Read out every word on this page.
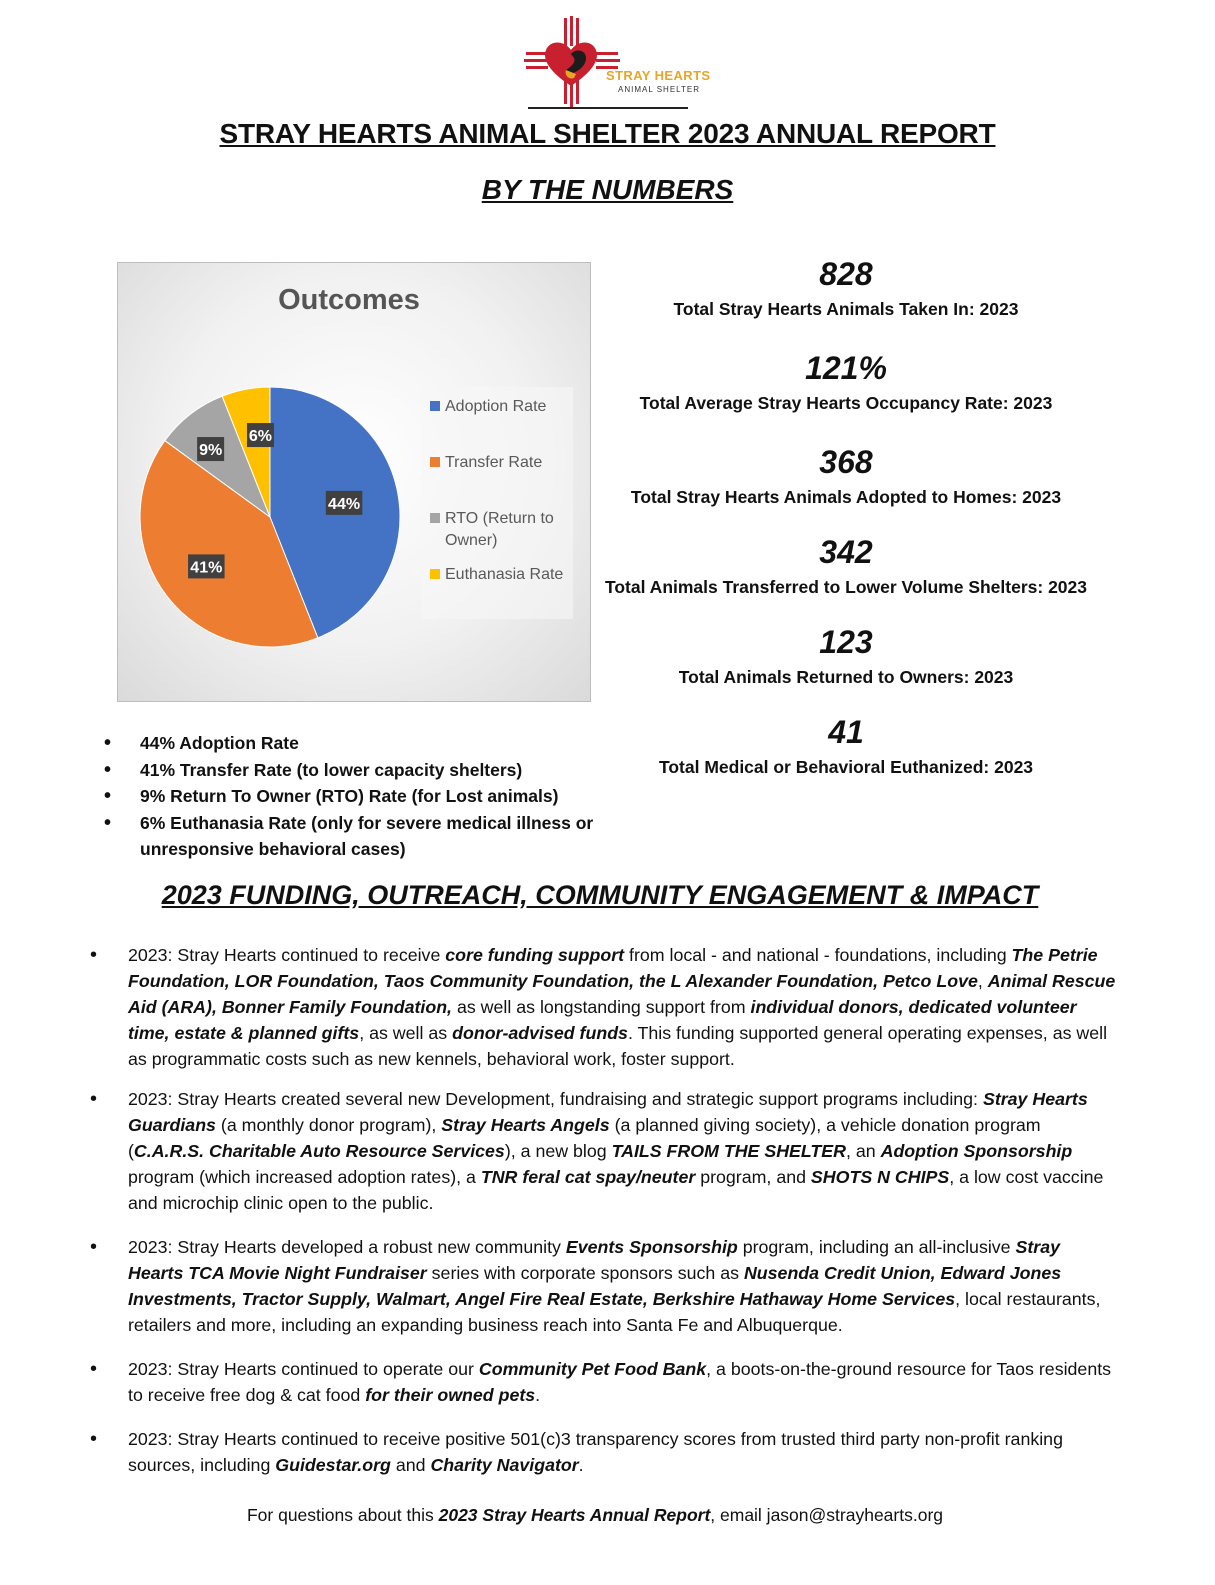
STRAY HEARTS
ANIMAL SHELTER
STRAY HEARTS ANIMAL SHELTER 2023 ANNUAL REPORT
BY THE NUMBERS
Outcomes
44%
41%
9%
6%
Adoption Rate
Transfer Rate
RTO (Return to
Owner)
Euthanasia Rate
828
Total Stray Hearts Animals Taken In: 2023
121%
Total Average Stray Hearts Occupancy Rate: 2023
368
Total Stray Hearts Animals Adopted to Homes: 2023
342
Total Animals Transferred to Lower Volume Shelters: 2023
123
Total Animals Returned to Owners: 2023
41
Total Medical or Behavioral Euthanized: 2023
• 44% Adoption Rate
• 41% Transfer Rate (to lower capacity shelters)
• 9% Return To Owner (RTO) Rate (for Lost animals)
• 6% Euthanasia Rate (only for severe medical illness or unresponsive behavioral cases)
2023 FUNDING, OUTREACH, COMMUNITY ENGAGEMENT & IMPACT
• 2023: Stray Hearts continued to receive core funding support from local - and national - foundations, including The Petrie Foundation, LOR Foundation, Taos Community Foundation, the L Alexander Foundation, Petco Love, Animal Rescue Aid (ARA), Bonner Family Foundation, as well as longstanding support from individual donors, dedicated volunteer time, estate & planned gifts, as well as donor-advised funds. This funding supported general operating expenses, as well as programmatic costs such as new kennels, behavioral work, foster support.
• 2023: Stray Hearts created several new Development, fundraising and strategic support programs including: Stray Hearts Guardians (a monthly donor program), Stray Hearts Angels (a planned giving society), a vehicle donation program (C.A.R.S. Charitable Auto Resource Services), a new blog TAILS FROM THE SHELTER, an Adoption Sponsorship program (which increased adoption rates), a TNR feral cat spay/neuter program, and SHOTS N CHIPS, a low cost vaccine and microchip clinic open to the public.
• 2023: Stray Hearts developed a robust new community Events Sponsorship program, including an all-inclusive Stray Hearts TCA Movie Night Fundraiser series with corporate sponsors such as Nusenda Credit Union, Edward Jones Investments, Tractor Supply, Walmart, Angel Fire Real Estate, Berkshire Hathaway Home Services, local restaurants, retailers and more, including an expanding business reach into Santa Fe and Albuquerque.
• 2023: Stray Hearts continued to operate our Community Pet Food Bank, a boots-on-the-ground resource for Taos residents to receive free dog & cat food for their owned pets.
• 2023: Stray Hearts continued to receive positive 501(c)3 transparency scores from trusted third party non-profit ranking sources, including Guidestar.org and Charity Navigator.
For questions about this 2023 Stray Hearts Annual Report, email jason@strayhearts.org
